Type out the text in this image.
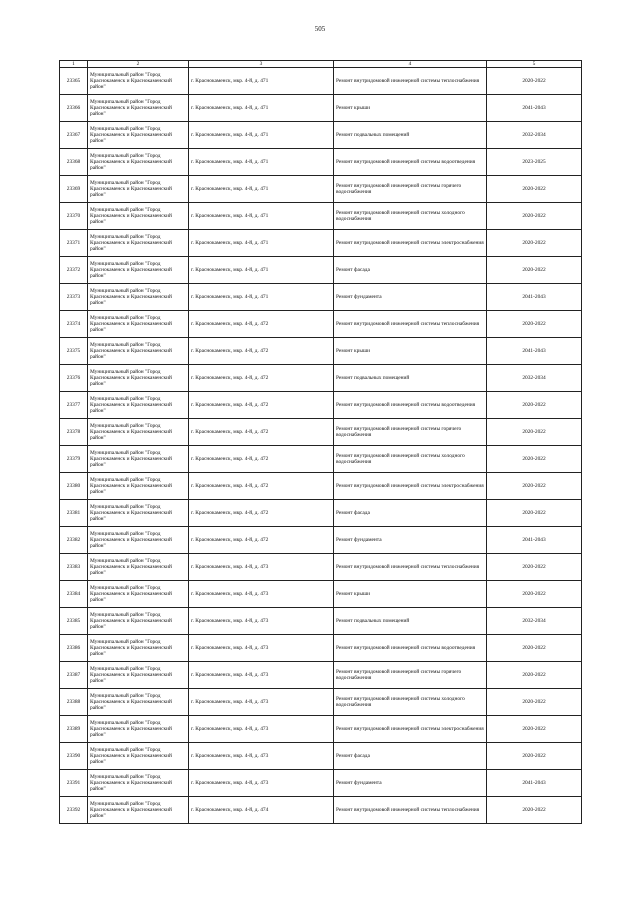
505
1	2	3	4	5
23365	Муниципальный район "Город Краснокаменск и Краснокаменский район"	г. Краснокаменск, мкр. 4-й, д. 471	Ремонт внутридомовой инженерной системы теплоснабжения	2020-2022
23366	Муниципальный район "Город Краснокаменск и Краснокаменский район"	г. Краснокаменск, мкр. 4-й, д. 471	Ремонт крыши	2041-2043
23367	Муниципальный район "Город Краснокаменск и Краснокаменский район"	г. Краснокаменск, мкр. 4-й, д. 471	Ремонт подвальных помещений	2032-2034
23368	Муниципальный район "Город Краснокаменск и Краснокаменский район"	г. Краснокаменск, мкр. 4-й, д. 471	Ремонт внутридомовой инженерной системы водоотведения	2023-2025
23369	Муниципальный район "Город Краснокаменск и Краснокаменский район"	г. Краснокаменск, мкр. 4-й, д. 471	Ремонт внутридомовой инженерной системы горячего водоснабжения	2020-2022
23370	Муниципальный район "Город Краснокаменск и Краснокаменский район"	г. Краснокаменск, мкр. 4-й, д. 471	Ремонт внутридомовой инженерной системы холодного водоснабжения	2020-2022
23371	Муниципальный район "Город Краснокаменск и Краснокаменский район"	г. Краснокаменск, мкр. 4-й, д. 471	Ремонт внутридомовой инженерной системы электроснабжения	2020-2022
23372	Муниципальный район "Город Краснокаменск и Краснокаменский район"	г. Краснокаменск, мкр. 4-й, д. 471	Ремонт фасада	2020-2022
23373	Муниципальный район "Город Краснокаменск и Краснокаменский район"	г. Краснокаменск, мкр. 4-й, д. 471	Ремонт фундамента	2041-2043
23374	Муниципальный район "Город Краснокаменск и Краснокаменский район"	г. Краснокаменск, мкр. 4-й, д. 472	Ремонт внутридомовой инженерной системы теплоснабжения	2020-2022
23375	Муниципальный район "Город Краснокаменск и Краснокаменский район"	г. Краснокаменск, мкр. 4-й, д. 472	Ремонт крыши	2041-2043
23376	Муниципальный район "Город Краснокаменск и Краснокаменский район"	г. Краснокаменск, мкр. 4-й, д. 472	Ремонт подвальных помещений	2032-2034
23377	Муниципальный район "Город Краснокаменск и Краснокаменский район"	г. Краснокаменск, мкр. 4-й, д. 472	Ремонт внутридомовой инженерной системы водоотведения	2020-2022
23378	Муниципальный район "Город Краснокаменск и Краснокаменский район"	г. Краснокаменск, мкр. 4-й, д. 472	Ремонт внутридомовой инженерной системы горячего водоснабжения	2020-2022
23379	Муниципальный район "Город Краснокаменск и Краснокаменский район"	г. Краснокаменск, мкр. 4-й, д. 472	Ремонт внутридомовой инженерной системы холодного водоснабжения	2020-2022
23380	Муниципальный район "Город Краснокаменск и Краснокаменский район"	г. Краснокаменск, мкр. 4-й, д. 472	Ремонт внутридомовой инженерной системы электроснабжения	2020-2022
23381	Муниципальный район "Город Краснокаменск и Краснокаменский район"	г. Краснокаменск, мкр. 4-й, д. 472	Ремонт фасада	2020-2022
23382	Муниципальный район "Город Краснокаменск и Краснокаменский район"	г. Краснокаменск, мкр. 4-й, д. 472	Ремонт фундамента	2041-2043
23383	Муниципальный район "Город Краснокаменск и Краснокаменский район"	г. Краснокаменск, мкр. 4-й, д. 473	Ремонт внутридомовой инженерной системы теплоснабжения	2020-2022
23384	Муниципальный район "Город Краснокаменск и Краснокаменский район"	г. Краснокаменск, мкр. 4-й, д. 473	Ремонт крыши	2020-2022
23385	Муниципальный район "Город Краснокаменск и Краснокаменский район"	г. Краснокаменск, мкр. 4-й, д. 473	Ремонт подвальных помещений	2032-2034
23386	Муниципальный район "Город Краснокаменск и Краснокаменский район"	г. Краснокаменск, мкр. 4-й, д. 473	Ремонт внутридомовой инженерной системы водоотведения	2020-2022
23387	Муниципальный район "Город Краснокаменск и Краснокаменский район"	г. Краснокаменск, мкр. 4-й, д. 473	Ремонт внутридомовой инженерной системы горячего водоснабжения	2020-2022
23388	Муниципальный район "Город Краснокаменск и Краснокаменский район"	г. Краснокаменск, мкр. 4-й, д. 473	Ремонт внутридомовой инженерной системы холодного водоснабжения	2020-2022
23389	Муниципальный район "Город Краснокаменск и Краснокаменский район"	г. Краснокаменск, мкр. 4-й, д. 473	Ремонт внутридомовой инженерной системы электроснабжения	2020-2022
23390	Муниципальный район "Город Краснокаменск и Краснокаменский район"	г. Краснокаменск, мкр. 4-й, д. 473	Ремонт фасада	2020-2022
23391	Муниципальный район "Город Краснокаменск и Краснокаменский район"	г. Краснокаменск, мкр. 4-й, д. 473	Ремонт фундамента	2041-2043
23392	Муниципальный район "Город Краснокаменск и Краснокаменский район"	г. Краснокаменск, мкр. 4-й, д. 474	Ремонт внутридомовой инженерной системы теплоснабжения	2020-2022
